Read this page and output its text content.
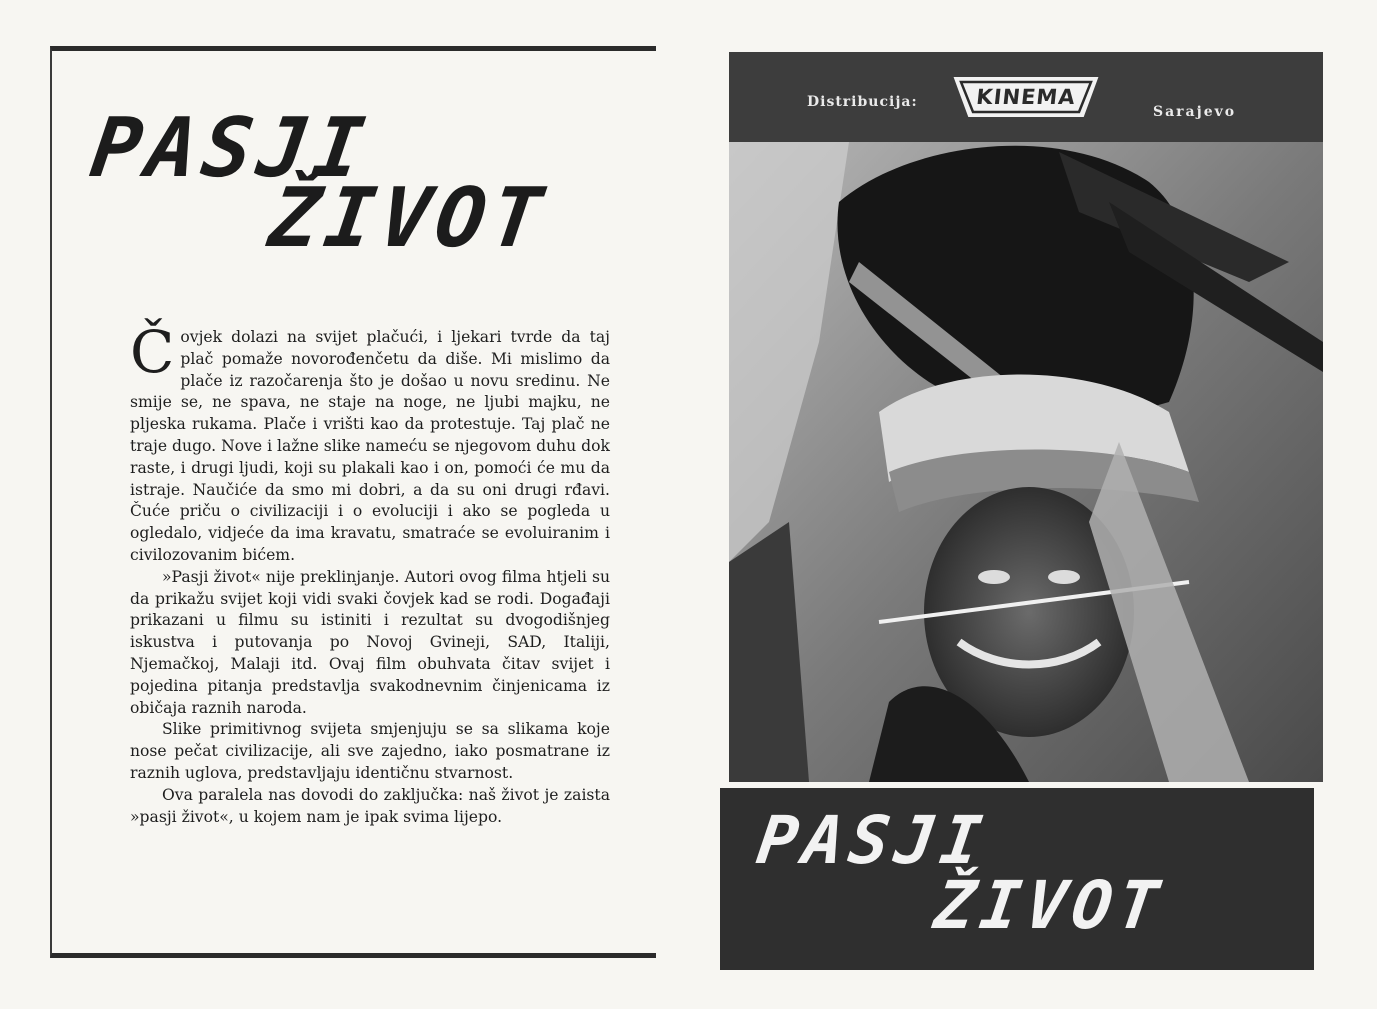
PASJI
ŽIVOT

Čovjek dolazi na svijet plačući, i ljekari tvrde da taj plač pomaže novorođenčetu da diše. Mi mislimo da plače iz razočarenja što je došao u novu sredinu. Ne smije se, ne spava, ne staje na noge, ne ljubi majku, ne pljeska rukama. Plače i vrišti kao da protestuje. Taj plač ne traje dugo. Nove i lažne slike nameću se njegovom duhu dok raste, i drugi ljudi, koji su plakali kao i on, pomoći će mu da istraje. Naučiće da smo mi dobri, a da su oni drugi rđavi. Čuće priču o civilizaciji i o evoluciji i ako se pogleda u ogledalo, vidjeće da ima kravatu, smatraće se evoluiranim i civilozovanim bićem.

»Pasji život« nije preklinjanje. Autori ovog filma htjeli su da prikažu svijet koji vidi svaki čovjek kad se rodi. Događaji prikazani u filmu su istiniti i rezultat su dvogodišnjeg iskustva i putovanja po Novoj Gvineji, SAD, Italiji, Njemačkoj, Malaji itd. Ovaj film obuhvata čitav svijet i pojedina pitanja predstavlja svakodnevnim činjenicama iz običaja raznih naroda.

Slike primitivnog svijeta smjenjuju se sa slikama koje nose pečat civilizacije, ali sve zajedno, iako posmatrane iz raznih uglova, predstavljaju identičnu stvarnost.

Ova paralela nas dovodi do zaključka: naš život je zaista »pasji život«, u kojem nam je ipak svima lijepo.

Distribucija:	KINEMA
Sarajevo
PASJI
ŽIVOT
